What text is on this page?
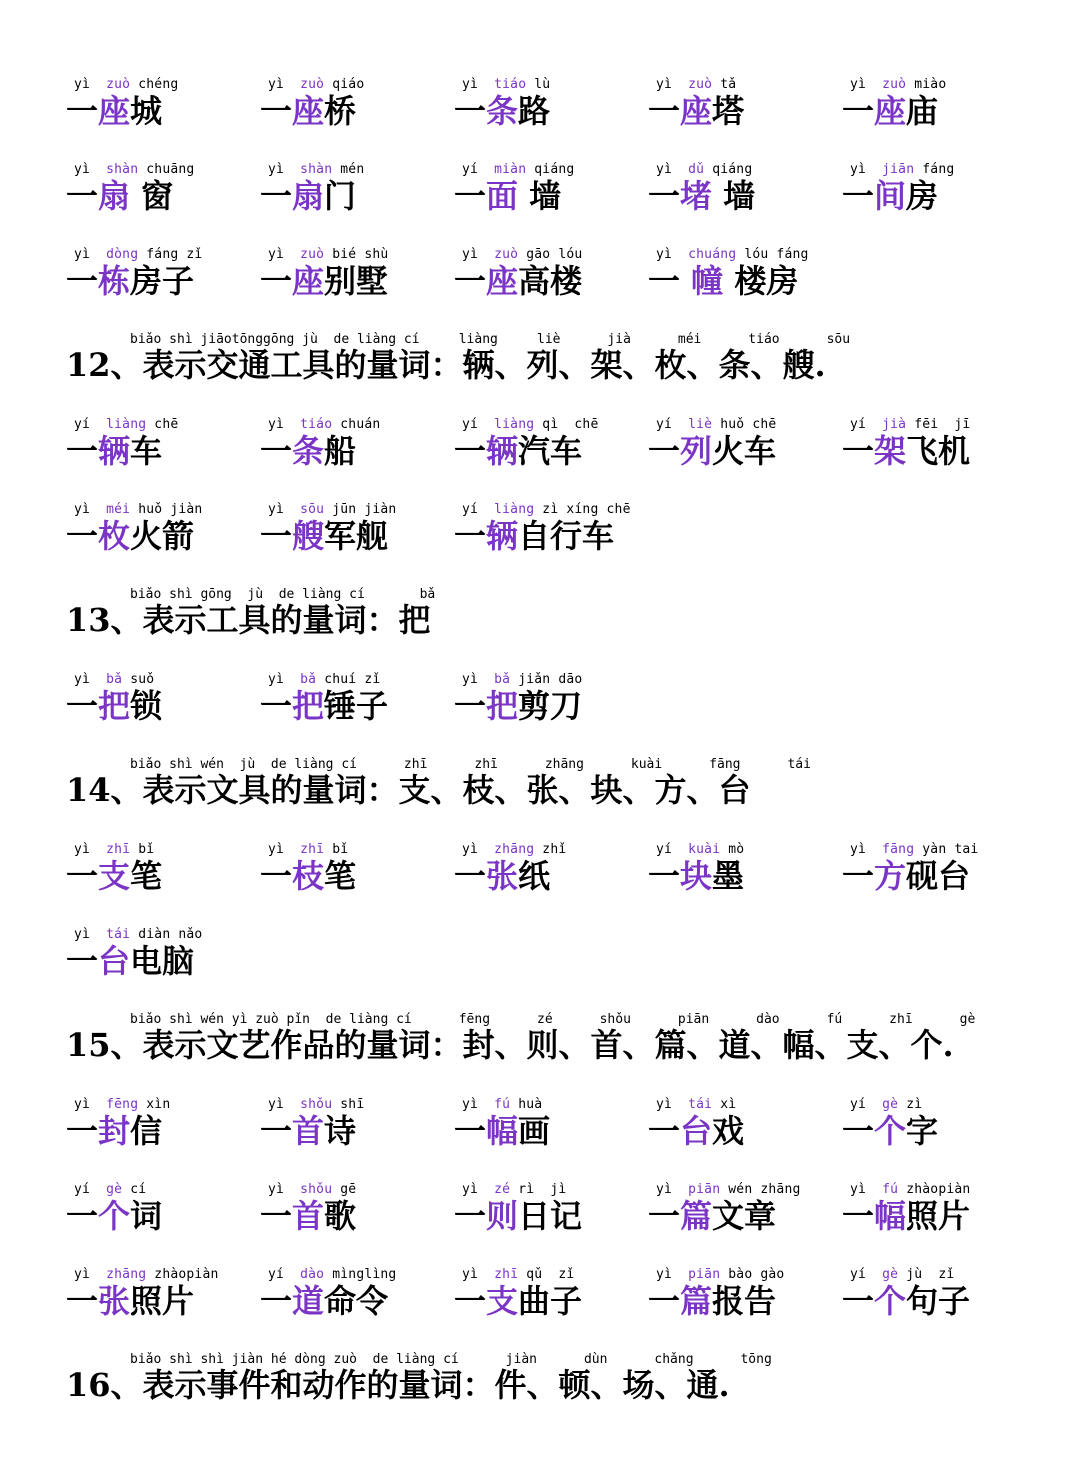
yì zuò chéng
一座城
yì zuò qiáo
一座桥
yì tiáo lù
一条路
yì zuò tǎ
一座塔
yì zuò miào
一座庙
yì shàn chuāng
一扇 窗
yì shàn mén
一扇门
yí miàn qiáng
一面 墙
yì dǔ qiáng
一堵 墙
yì jiān fáng
一间房
yì dòng fáng zǐ
一栋房子
yì zuò bié shù
一座别墅
yì zuò gāo lóu
一座高楼
yì chuáng lóu fáng
一 幢 楼房
biǎo shì jiāotōnggōng jù  de liàng cí     liàng     liè      jià      méi      tiáo      sōu
12、表示交通工具的量词：辆、列、架、枚、条、艘.
yí liàng chē
一辆车
yì tiáo chuán
一条船
yí liàng qì  chē
一辆汽车
yí liè huǒ chē
一列火车
yí jià fēi  jī
一架飞机
yì méi huǒ jiàn
一枚火箭
yì sōu jūn jiàn
一艘军舰
yí liàng zì xíng chē
一辆自行车
biǎo shì gōng  jù  de liàng cí       bǎ
13、表示工具的量词：把
yì bǎ suǒ
一把锁
yì bǎ chuí zǐ
一把锤子
yì bǎ jiǎn dāo
一把剪刀
biǎo shì wén  jù  de liàng cí      zhī      zhī      zhāng      kuài      fāng      tái
14、表示文具的量词：支、枝、张、块、方、台
yì zhī bǐ
一支笔
yì zhī bǐ
一枝笔
yì zhāng zhǐ
一张纸
yí kuài mò
一块墨
yì fāng yàn tai
一方砚台
yì tái diàn nǎo
一台电脑
biǎo shì wén yì zuò pǐn  de liàng cí      fēng      zé      shǒu      piān      dào      fú      zhī      gè
15、表示文艺作品的量词：封、则、首、篇、道、幅、支、个.
yì fēng xìn
一封信
yì shǒu shī
一首诗
yì fú huà
一幅画
yì tái xì
一台戏
yí gè zì
一个字
yí gè cí
一个词
yì shǒu gē
一首歌
yì zé rì  jì
一则日记
yì piān wén zhāng
一篇文章
yì fú zhàopiàn
一幅照片
yì zhāng zhàopiàn
一张照片
yí dào mìnglìng
一道命令
yì zhī qǔ  zǐ
一支曲子
yì piān bào gào
一篇报告
yí gè jù  zǐ
一个句子
biǎo shì shì jiàn hé dòng zuò  de liàng cí      jiàn      dùn      chǎng      tōng
16、表示事件和动作的量词：件、顿、场、通.
